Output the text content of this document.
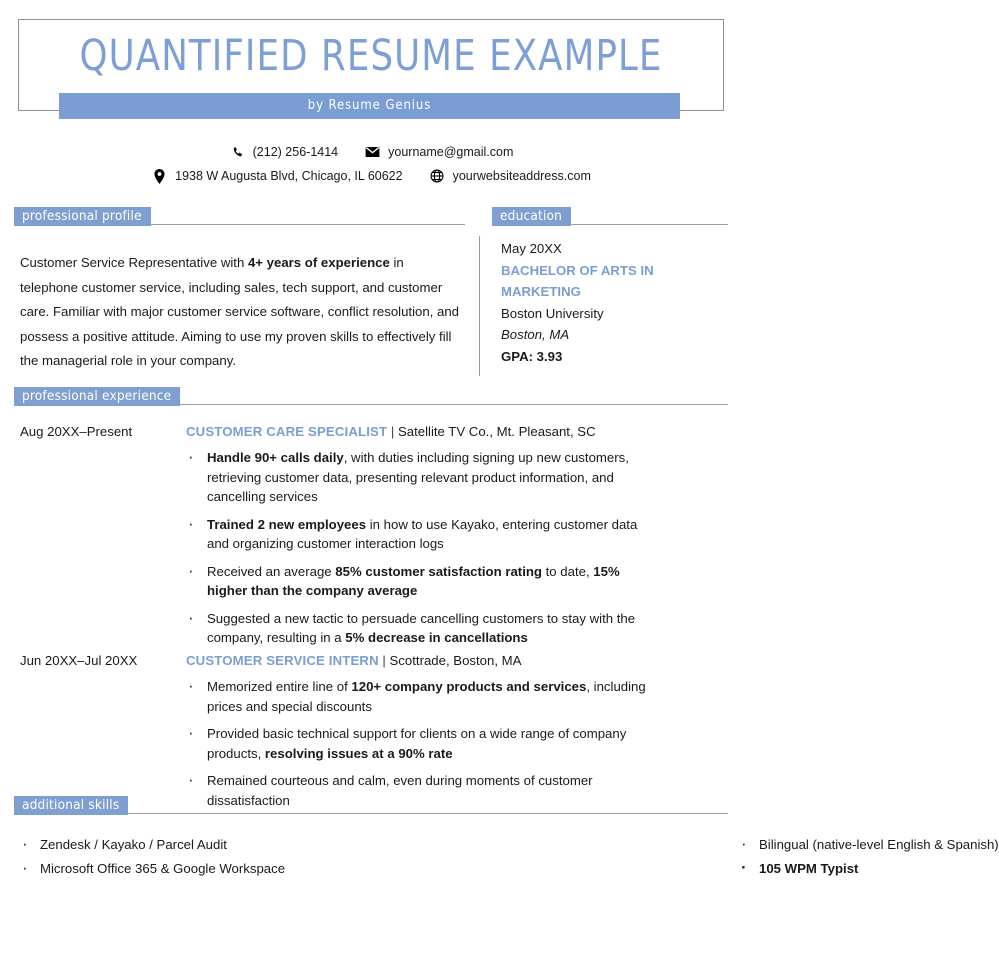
QUANTIFIED RESUME EXAMPLE
by Resume Genius
(212) 256-1414	yourname@gmail.com
1938 W Augusta Blvd, Chicago, IL 60622	yourwebsiteaddress.com
professional profile	education

Customer Service Representative with 4+ years of experience in telephone customer service, including sales, tech support, and customer care. Familiar with major customer service software, conflict resolution, and possess a positive attitude. Aiming to use my proven skills to effectively fill the managerial role in your company.

May 20XX
BACHELOR OF ARTS IN MARKETING
Boston University
Boston, MA
GPA: 3.93
professional experience
Aug 20XX–Present	CUSTOMER CARE SPECIALIST | Satellite TV Co., Mt. Pleasant, SC
· Handle 90+ calls daily, with duties including signing up new customers, retrieving customer data, presenting relevant product information, and cancelling services
· Trained 2 new employees in how to use Kayako, entering customer data and organizing customer interaction logs
· Received an average 85% customer satisfaction rating to date, 15% higher than the company average
· Suggested a new tactic to persuade cancelling customers to stay with the company, resulting in a 5% decrease in cancellations
Jun 20XX–Jul 20XX	CUSTOMER SERVICE INTERN | Scottrade, Boston, MA
· Memorized entire line of 120+ company products and services, including prices and special discounts
· Provided basic technical support for clients on a wide range of company products, resolving issues at a 90% rate
· Remained courteous and calm, even during moments of customer dissatisfaction
additional skills
· Zendesk / Kayako / Parcel Audit
· Microsoft Office 365 & Google Workspace
· Bilingual (native-level English & Spanish)
· 105 WPM Typist
